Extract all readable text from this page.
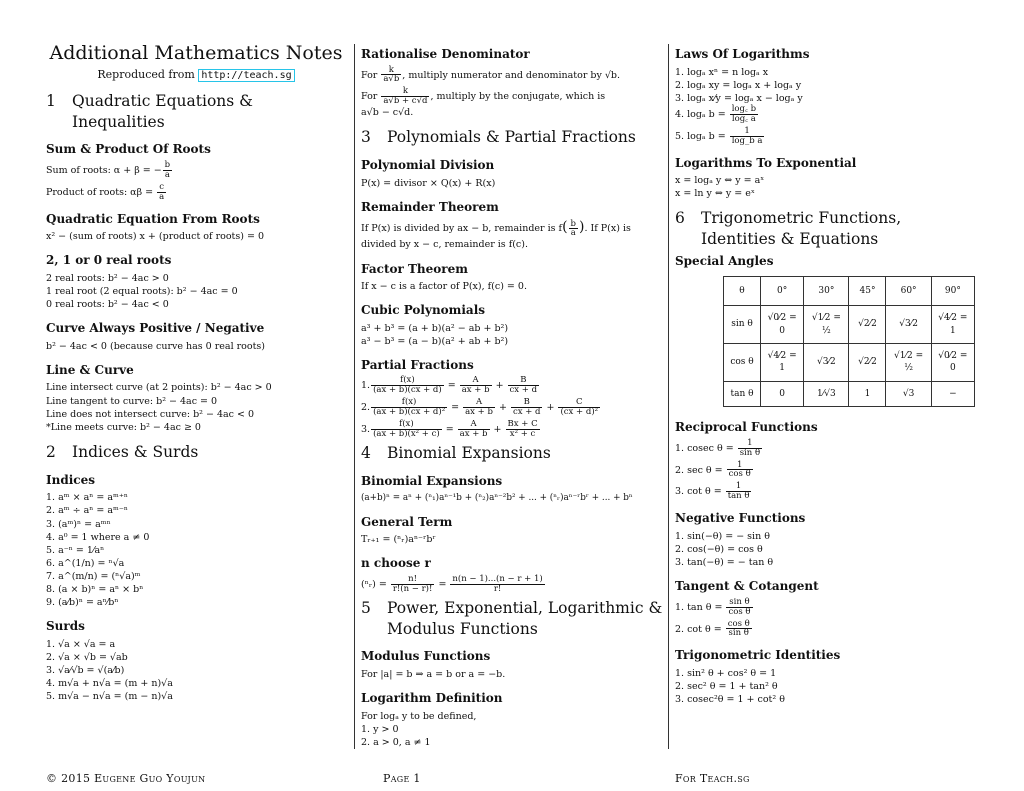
Additional Mathematics Notes
Reproduced from http://teach.sg
1	Quadratic Equations & Inequalities
Sum & Product Of Roots

Sum of roots: α + β = − $\frac{b}{a}$

Product of roots: $\alpha\beta = \frac{c}{a}$

Quadratic Equation From Roots

x² − (sum of roots) x + (product of roots) = 0

2, 1 or 0 real roots

2 real roots: b² − 4ac > 0

1 real root (2 equal roots): b² − 4ac = 0

0 real roots: b² − 4ac < 0

Curve Always Positive / Negative

b² − 4ac < 0 (because curve has 0 real roots)

Line & Curve

Line intersect curve (at 2 points): b² − 4ac > 0

Line tangent to curve: b² − 4ac = 0

Line does not intersect curve: b² − 4ac < 0

*Line meets curve: b² − 4ac ≥ 0

2	Indices & Surds
Indices

1. aᵐ × aⁿ = aᵐ⁺ⁿ

2. aᵐ ÷ aⁿ = aᵐ⁻ⁿ

3. (aᵐ)ⁿ = aᵐⁿ

4. a⁰ = 1 where a ≠ 0

5. a⁻ⁿ = 1⁄aⁿ

6. a^(1/n) = ⁿ√a

7. a^(m/n) = (ⁿ√a)ᵐ

8. (a × b)ⁿ = aⁿ × bⁿ

9. (a⁄b)ⁿ = aⁿ⁄bⁿ

Surds

1. √a × √a = a

2. √a × √b = √ab

3. √a⁄√b = √(a⁄b)

4. m√a + n√a = (m + n)√a

5. m√a − n√a = (m − n)√a

Rationalise Denominator

For $\frac{k}{a√b}$ , multiply numerator and denominator by √b.

For $\frac{k}{a√b + c√d}$ , multiply by the conjugate, which is

a√b − c√d.

3	Polynomials & Partial Fractions
Polynomial Division

P(x) = divisor × Q(x) + R(x)

Remainder Theorem

If P(x) is divided by ax − b, remainder is $f( \frac{b}{a}$ ). If P(x) is

divided by x − c, remainder is f(c).

Factor Theorem

If x − c is a factor of P(x), f(c) = 0.

Cubic Polynomials

a³ + b³ = (a + b)(a² − ab + b²)

a³ − b³ = (a − b)(a² + ab + b²)

Partial Fractions

1. $\frac{f(x)}{(ax + b)(cx + d)} = \frac{A}{ax + b} + \frac{B}{cx + d}$

2. $\frac{f(x)}{\text{(ax + b)(cx + d)²}} = \frac{A}{ax + b} + \frac{B}{cx + d} + \frac{C}{\text{(cx + d)²}}$

3. $\frac{f(x)}{\text{(ax + b)(x² + c)}} = \frac{A}{ax + b} + \frac{Bx + C}{\text{x² + c}}$

4	Binomial Expansions
Binomial Expansions

(a+b)ⁿ = aⁿ + (ⁿ₁)aⁿ⁻¹b + (ⁿ₂)aⁿ⁻²b² + ... + (ⁿᵣ)aⁿ⁻ʳbʳ + ... + bⁿ

General Term

Tᵣ₊₁ = (ⁿᵣ)aⁿ⁻ʳbʳ

n choose r

(ⁿᵣ) = $\frac{n!}{r!(n - r)!} = \frac{n(n - 1)...(n - r + 1)}{r!}$

5	Power, Exponential, Logarithmic & Modulus Functions
Modulus Functions

For |a| = b ⇒ a = b or a = −b.

Logarithm Definition

For logₐ y to be defined,

1. y > 0

2. a > 0, a ≠ 1

Laws Of Logarithms

1. logₐ xⁿ = n logₐ x

2. logₐ xy = logₐ x + logₐ y

3. logₐ x⁄y = logₐ x − logₐ y

4. logₐ $b = \frac{\log꜀ b}{\log꜀ a}$

5. logₐ $b = \frac{1}{\text{log\_b a}}$

Logarithms To Exponential

x = logₐ y ⇔ y = aˣ

x = ln y ⇔ y = eˣ

6	Trigonometric Functions, Identities & Equations
Special Angles
θ	0°	30°	45°	60°	90°
sin θ	√0⁄2 = 0	√1⁄2 = ½	√2⁄2	√3⁄2	√4⁄2 = 1
cos θ	√4⁄2 = 1	√3⁄2	√2⁄2	√1⁄2 = ½	√0⁄2 = 0
tan θ	0	1⁄√3	1	√3	−
Reciprocal Functions

1. cosec $\theta = \frac{1}{\text{sin θ}}$

2. $\sec \theta = \frac{1}{\text{cos θ}}$

3. $\cot \theta = \frac{1}{\text{tan θ}}$

Negative Functions

1. sin(−θ) = − sin θ

2. cos(−θ) = cos θ

3. tan(−θ) = − tan θ

Tangent & Cotangent

1. $\tan \theta = \frac{\text{sin θ}}{\text{cos θ}}$

2. $\cot \theta = \frac{\text{cos θ}}{\text{sin θ}}$

Trigonometric Identities

1. sin² θ + cos² θ = 1

2. sec² θ = 1 + tan² θ

3. cosec²θ = 1 + cot² θ

© 2015 Eugene Guo Youjun	Page 1	For Teach.sg
